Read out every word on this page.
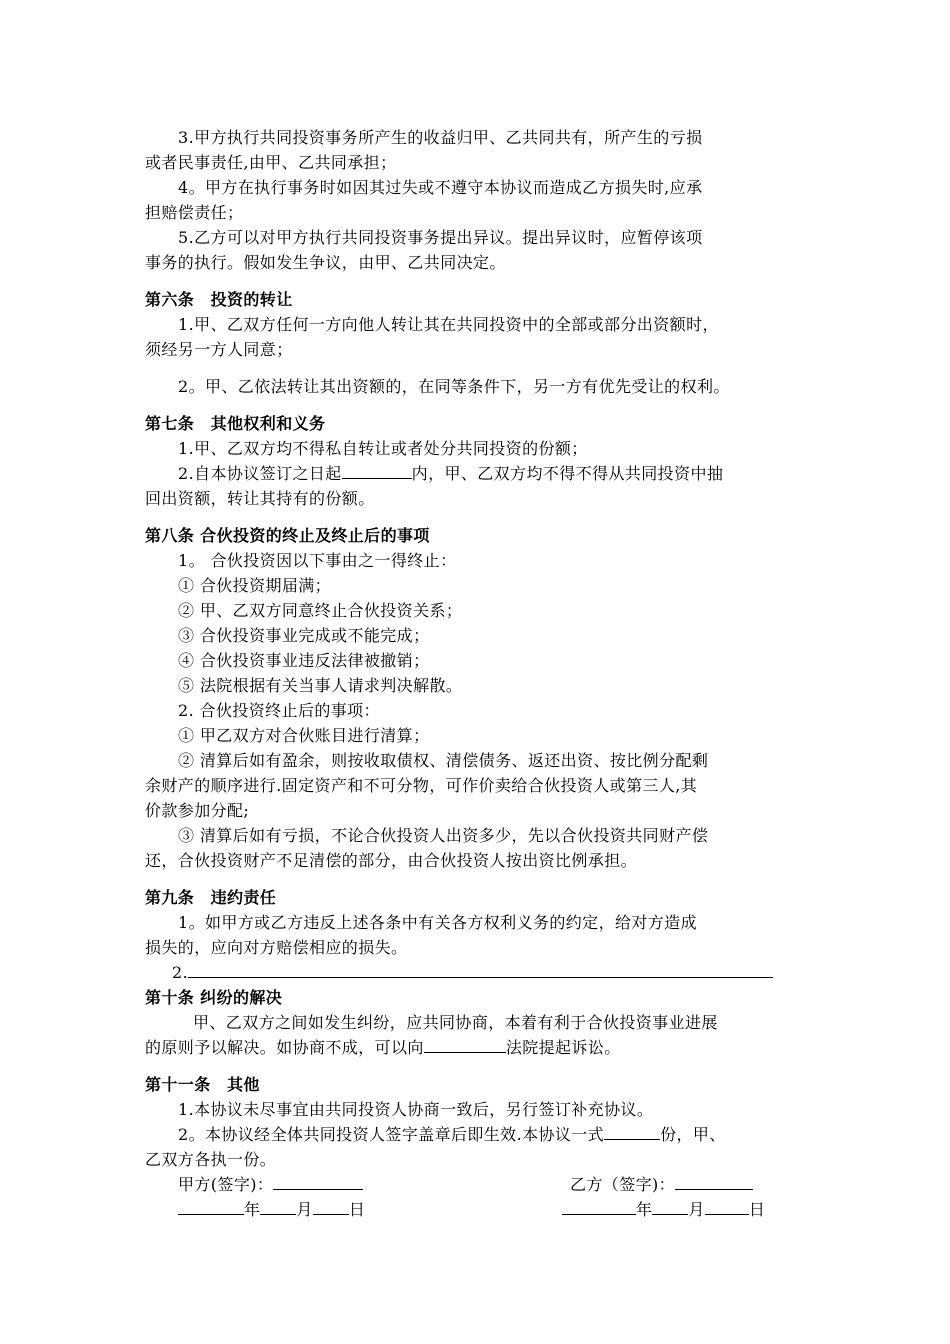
3.甲方执行共同投资事务所产生的收益归甲、乙共同共有，所产生的亏损
或者民事责任,由甲、乙共同承担；
4。甲方在执行事务时如因其过失或不遵守本协议而造成乙方损失时,应承
担赔偿责任；
5.乙方可以对甲方执行共同投资事务提出异议。提出异议时，应暂停该项
事务的执行。假如发生争议，由甲、乙共同决定。
第六条　投资的转让
1.甲、乙双方任何一方向他人转让其在共同投资中的全部或部分出资额时，
须经另一方人同意；
2。甲、乙依法转让其出资额的，在同等条件下，另一方有优先受让的权利。
第七条　其他权利和义务
1.甲、乙双方均不得私自转让或者处分共同投资的份额；
2.自本协议签订之日起	内，甲、乙双方均不得不得从共同投资中抽
回出资额，转让其持有的份额。
第八条 合伙投资的终止及终止后的事项
1。 合伙投资因以下事由之一得终止：
① 合伙投资期届满；
② 甲、乙双方同意终止合伙投资关系；
③ 合伙投资事业完成或不能完成；
④ 合伙投资事业违反法律被撤销；
⑤ 法院根据有关当事人请求判决解散。
2. 合伙投资终止后的事项：
① 甲乙双方对合伙账目进行清算；
② 清算后如有盈余，则按收取债权、清偿债务、返还出资、按比例分配剩
余财产的顺序进行.固定资产和不可分物，可作价卖给合伙投资人或第三人,其
价款参加分配;
③ 清算后如有亏损，不论合伙投资人出资多少，先以合伙投资共同财产偿
还，合伙投资财产不足清偿的部分，由合伙投资人按出资比例承担。
第九条　违约责任
1。如甲方或乙方违反上述各条中有关各方权利义务的约定，给对方造成
损失的，应向对方赔偿相应的损失。
2.
第十条 纠纷的解决
甲、乙双方之间如发生纠纷，应共同协商，本着有利于合伙投资事业进展
的原则予以解决。如协商不成，可以向	法院提起诉讼。
第十一条　其他
1.本协议未尽事宜由共同投资人协商一致后，另行签订补充协议。
2。本协议经全体共同投资人签字盖章后即生效.本协议一式	份，甲、
乙双方各执一份。
甲方(签字)：	乙方（签字)：
年 月 日	年 月	日
